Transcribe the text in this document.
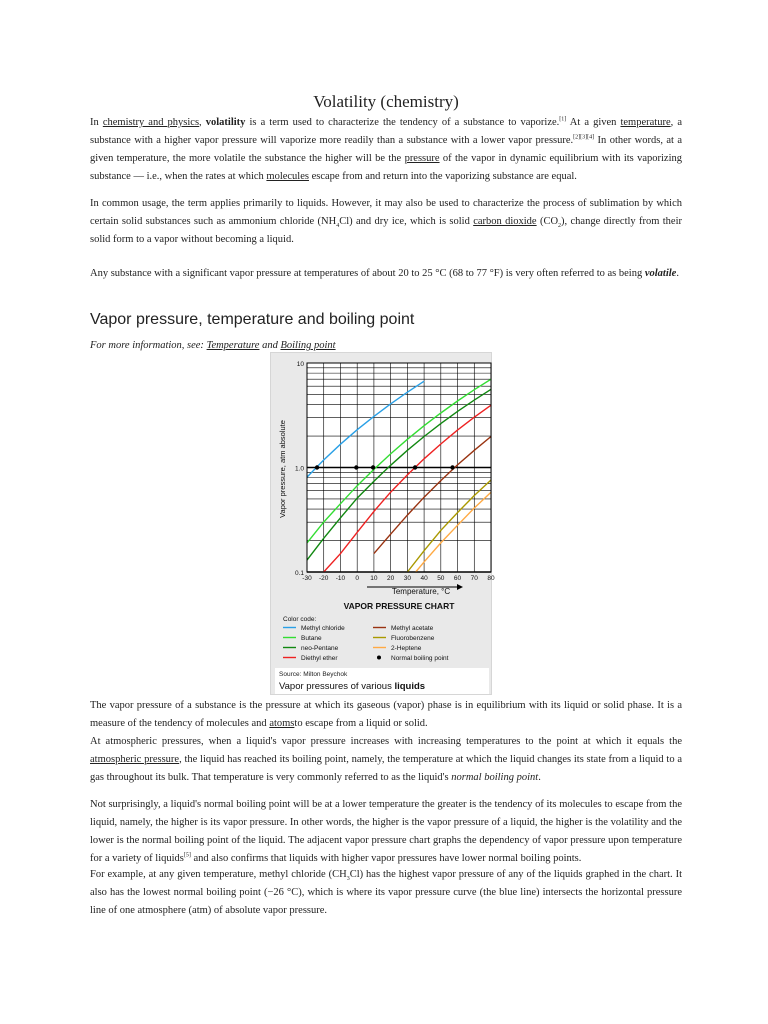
Volatility (chemistry)

In chemistry and physics, volatility is a term used to characterize the tendency of a substance to vaporize.[1] At a given temperature, a substance with a higher vapor pressure will vaporize more readily than a substance with a lower vapor pressure.[2][3][4] In other words, at a given temperature, the more volatile the substance the higher will be the pressure of the vapor in dynamic equilibrium with its vaporizing substance — i.e., when the rates at which molecules escape from and return into the vaporizing substance are equal.

In common usage, the term applies primarily to liquids. However, it may also be used to characterize the process of sublimation by which certain solid substances such as ammonium chloride $(NH_4Cl)$ and dry ice, which is solid carbon dioxide $(CO_2)$, change directly from their solid form to a vapor without becoming a liquid.

Any substance with a significant vapor pressure at temperatures of about 20 to 25 °C (68 to 77 °F) is very often referred to as being volatile.

Vapor pressure, temperature and boiling point
For more information, see: Temperature and Boiling point
0.1
1.0
10
-30 -20 -10 0 10 20 30 40 50 60 70 80
Vapor pressure, atm absolute
Temperature, °C
VAPOR PRESSURE CHART
Color code:
Methyl chloride
Butane
neo-Pentane
Diethyl ether
Methyl acetate
Fluorobenzene
2-Heptene
Normal boiling point
Source: Milton Beychok
Vapor pressures of various liquids

The vapor pressure of a substance is the pressure at which its gaseous (vapor) phase is in equilibrium with its liquid or solid phase. It is a measure of the tendency of molecules and atomsto escape from a liquid or solid.

At atmospheric pressures, when a liquid's vapor pressure increases with increasing temperatures to the point at which it equals the atmospheric pressure, the liquid has reached its boiling point, namely, the temperature at which the liquid changes its state from a liquid to a gas throughout its bulk. That temperature is very commonly referred to as the liquid's normal boiling point.

Not surprisingly, a liquid's normal boiling point will be at a lower temperature the greater is the tendency of its molecules to escape from the liquid, namely, the higher is its vapor pressure. In other words, the higher is the vapor pressure of a liquid, the higher is the volatility and the lower is the normal boiling point of the liquid. The adjacent vapor pressure chart graphs the dependency of vapor pressure upon temperature for a variety of liquids[5] and also confirms that liquids with higher vapor pressures have lower normal boiling points.

For example, at any given temperature, methyl chloride $(CH_3Cl)$ has the highest vapor pressure of any of the liquids graphed in the chart. It also has the lowest normal boiling point (−26 °C), which is where its vapor pressure curve (the blue line) intersects the horizontal pressure line of one atmosphere (atm) of absolute vapor pressure.
